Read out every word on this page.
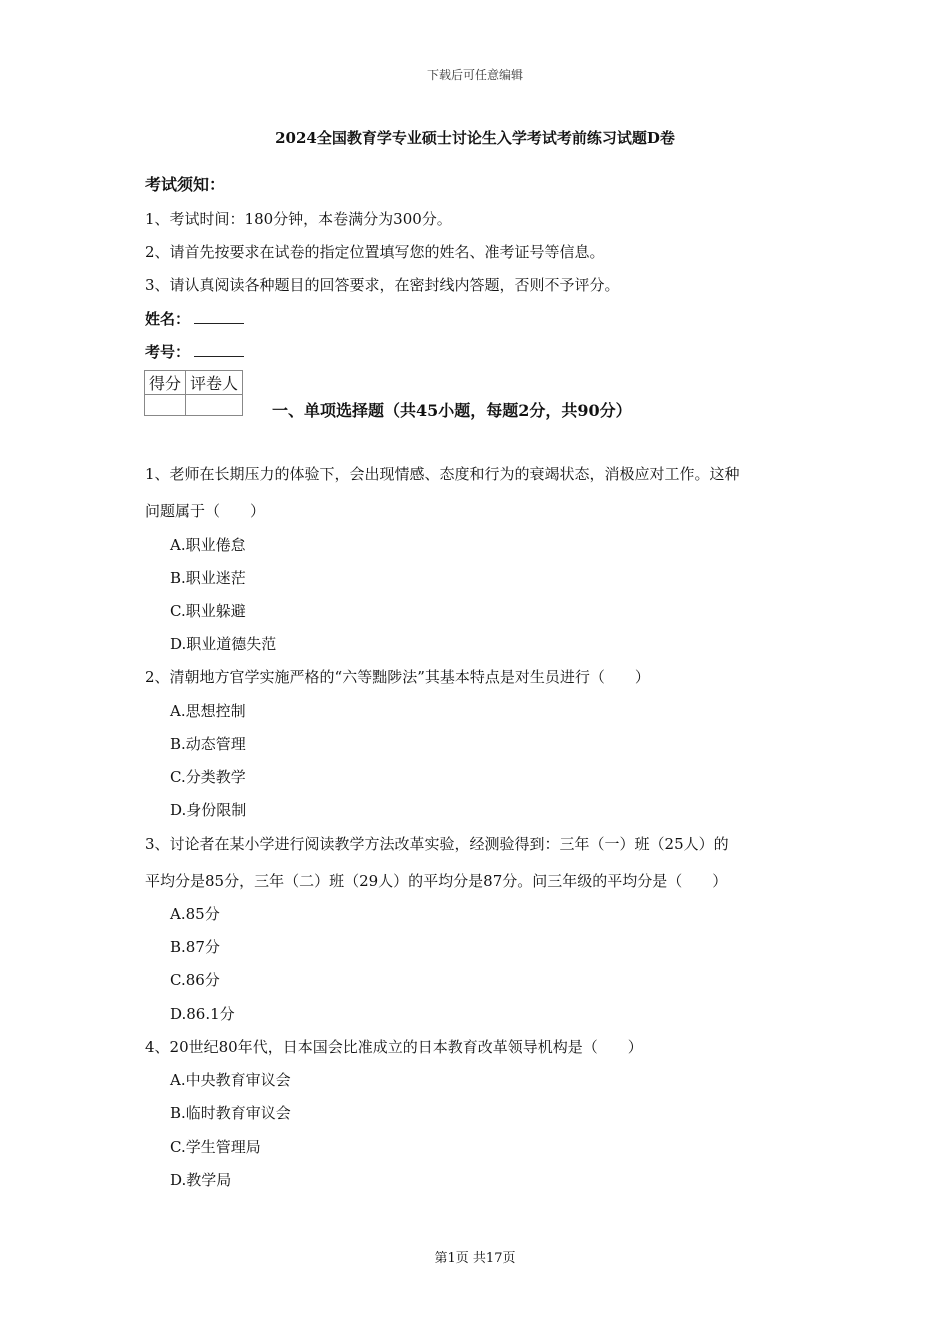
下载后可任意编辑
2024全国教育学专业硕士讨论生入学考试考前练习试题D卷
考试须知：
1、考试时间：180分钟，本卷满分为300分。
2、请首先按要求在试卷的指定位置填写您的姓名、准考证号等信息。
3、请认真阅读各种题目的回答要求，在密封线内答题，否则不予评分。
姓名：
考号：
得分	评卷人

一、单项选择题（共45小题，每题2分，共90分）
1、老师在长期压力的体验下，会出现情感、态度和行为的衰竭状态，消极应对工作。这种
问题属于（　　）
A.职业倦怠
B.职业迷茫
C.职业躲避
D.职业道德失范
2、清朝地方官学实施严格的“六等黜陟法”其基本特点是对生员进行（　　）
A.思想控制
B.动态管理
C.分类教学
D.身份限制
3、讨论者在某小学进行阅读教学方法改革实验，经测验得到：三年（一）班（25人）的
平均分是85分，三年（二）班（29人）的平均分是87分。问三年级的平均分是（　　）
A.85分
B.87分
C.86分
D.86.1分
4、20世纪80年代，日本国会比准成立的日本教育改革领导机构是（　　）
A.中央教育审议会
B.临时教育审议会
C.学生管理局
D.教学局
第1页 共17页
